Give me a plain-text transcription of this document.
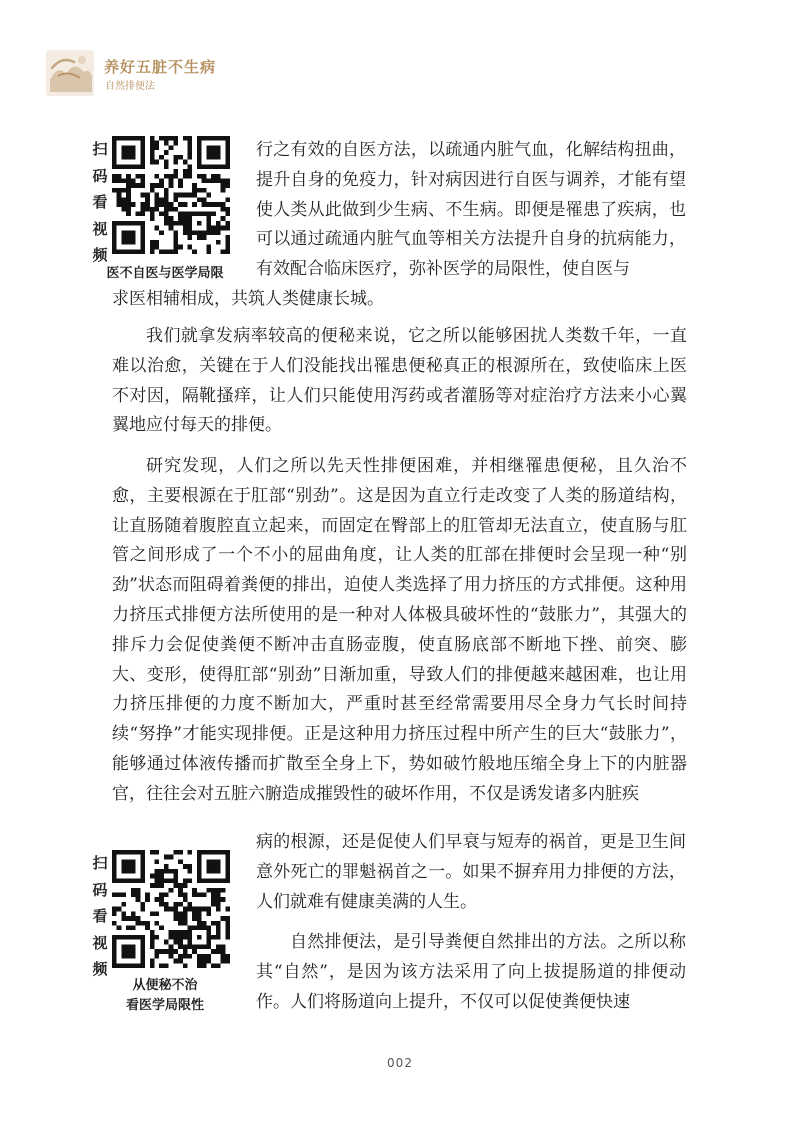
养好五脏不生病
自然排便法
扫
码
看
视
频
医不自医与医学局限
扫
码
看
视
频
从便秘不治
看医学局限性
行之有效的自医方法，以疏通内脏气血，化解结构扭曲，提升自身的免疫力，针对病因进行自医与调养，才能有望使人类从此做到少生病、不生病。即便是罹患了疾病，也可以通过疏通内脏气血等相关方法提升自身的抗病能力，有效配合临床医疗，弥补医学的局限性，使自医与
求医相辅相成，共筑人类健康长城。
我们就拿发病率较高的便秘来说，它之所以能够困扰人类数千年，一直难以治愈，关键在于人们没能找出罹患便秘真正的根源所在，致使临床上医不对因，隔靴搔痒，让人们只能使用泻药或者灌肠等对症治疗方法来小心翼翼地应付每天的排便。
研究发现，人们之所以先天性排便困难，并相继罹患便秘，且久治不愈，主要根源在于肛部“别劲”。这是因为直立行走改变了人类的肠道结构，让直肠随着腹腔直立起来，而固定在臀部上的肛管却无法直立，使直肠与肛管之间形成了一个不小的屈曲角度，让人类的肛部在排便时会呈现一种“别劲”状态而阻碍着粪便的排出，迫使人类选择了用力挤压的方式排便。这种用力挤压式排便方法所使用的是一种对人体极具破坏性的“鼓胀力”，其强大的排斥力会促使粪便不断冲击直肠壶腹，使直肠底部不断地下挫、前突、膨大、变形，使得肛部“别劲”日渐加重，导致人们的排便越来越困难，也让用力挤压排便的力度不断加大，严重时甚至经常需要用尽全身力气长时间持续“努挣”才能实现排便。正是这种用力挤压过程中所产生的巨大“鼓胀力”，能够通过体液传播而扩散至全身上下，势如破竹般地压缩全身上下的内脏器官，往往会对五脏六腑造成摧毁性的破坏作用，不仅是诱发诸多内脏疾
病的根源，还是促使人们早衰与短寿的祸首，更是卫生间意外死亡的罪魁祸首之一。如果不摒弃用力排便的方法，人们就难有健康美满的人生。
自然排便法，是引导粪便自然排出的方法。之所以称其“自然”，是因为该方法采用了向上拔提肠道的排便动作。人们将肠道向上提升，不仅可以促使粪便快速
002
